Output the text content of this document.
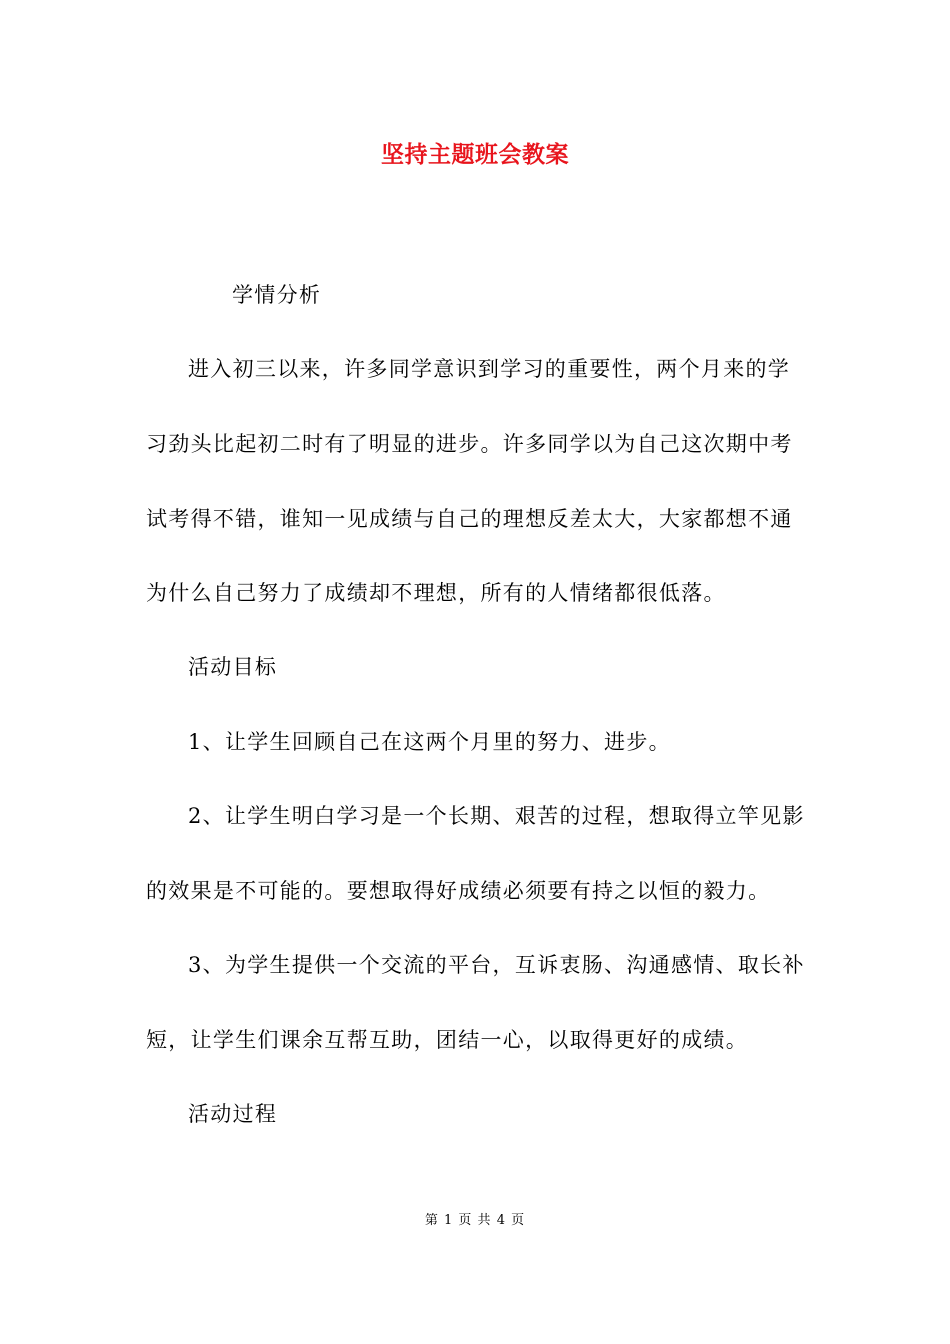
坚持主题班会教案
学情分析
进入初三以来，许多同学意识到学习的重要性，两个月来的学
习劲头比起初二时有了明显的进步。许多同学以为自己这次期中考
试考得不错，谁知一见成绩与自己的理想反差太大，大家都想不通
为什么自己努力了成绩却不理想，所有的人情绪都很低落。
活动目标
1、让学生回顾自己在这两个月里的努力、进步。
2、让学生明白学习是一个长期、艰苦的过程，想取得立竿见影
的效果是不可能的。要想取得好成绩必须要有持之以恒的毅力。
3、为学生提供一个交流的平台，互诉衷肠、沟通感情、取长补
短，让学生们课余互帮互助，团结一心，以取得更好的成绩。
活动过程
第 1 页 共 4 页
